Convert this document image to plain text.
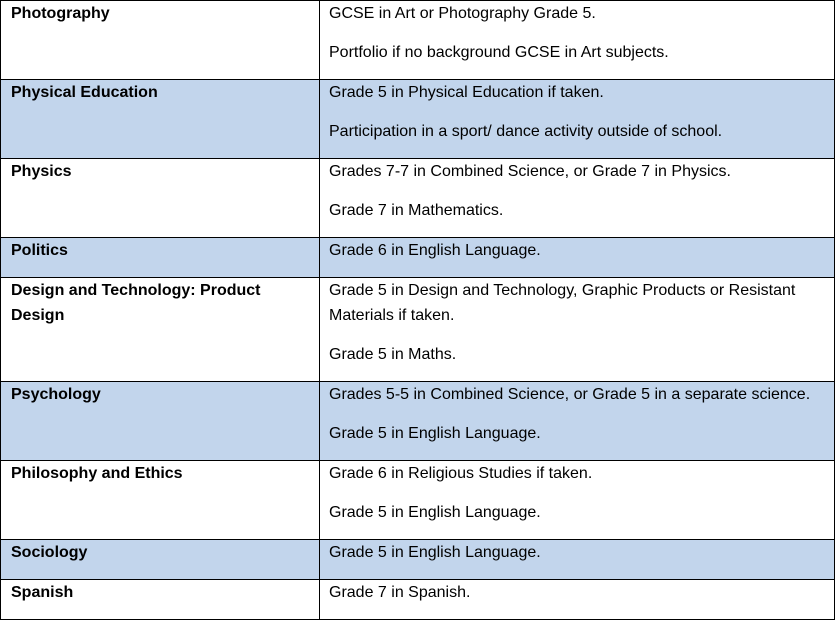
Photography	GCSE in Art or Photography Grade 5.
Portfolio if no background GCSE in Art subjects.

Physical Education	Grade 5 in Physical Education if taken.
Participation in a sport/ dance activity outside of school.

Physics	Grades 7-7 in Combined Science, or Grade 7 in Physics.
Grade 7 in Mathematics.

Politics	Grade 6 in English Language.

Design and Technology: Product Design	Grade 5 in Design and Technology, Graphic Products or Resistant Materials if taken.
Grade 5 in Maths.

Psychology	Grades 5-5 in Combined Science, or Grade 5 in a separate science.
Grade 5 in English Language.

Philosophy and Ethics	Grade 6 in Religious Studies if taken.
Grade 5 in English Language.

Sociology	Grade 5 in English Language.

Spanish	Grade 7 in Spanish.
